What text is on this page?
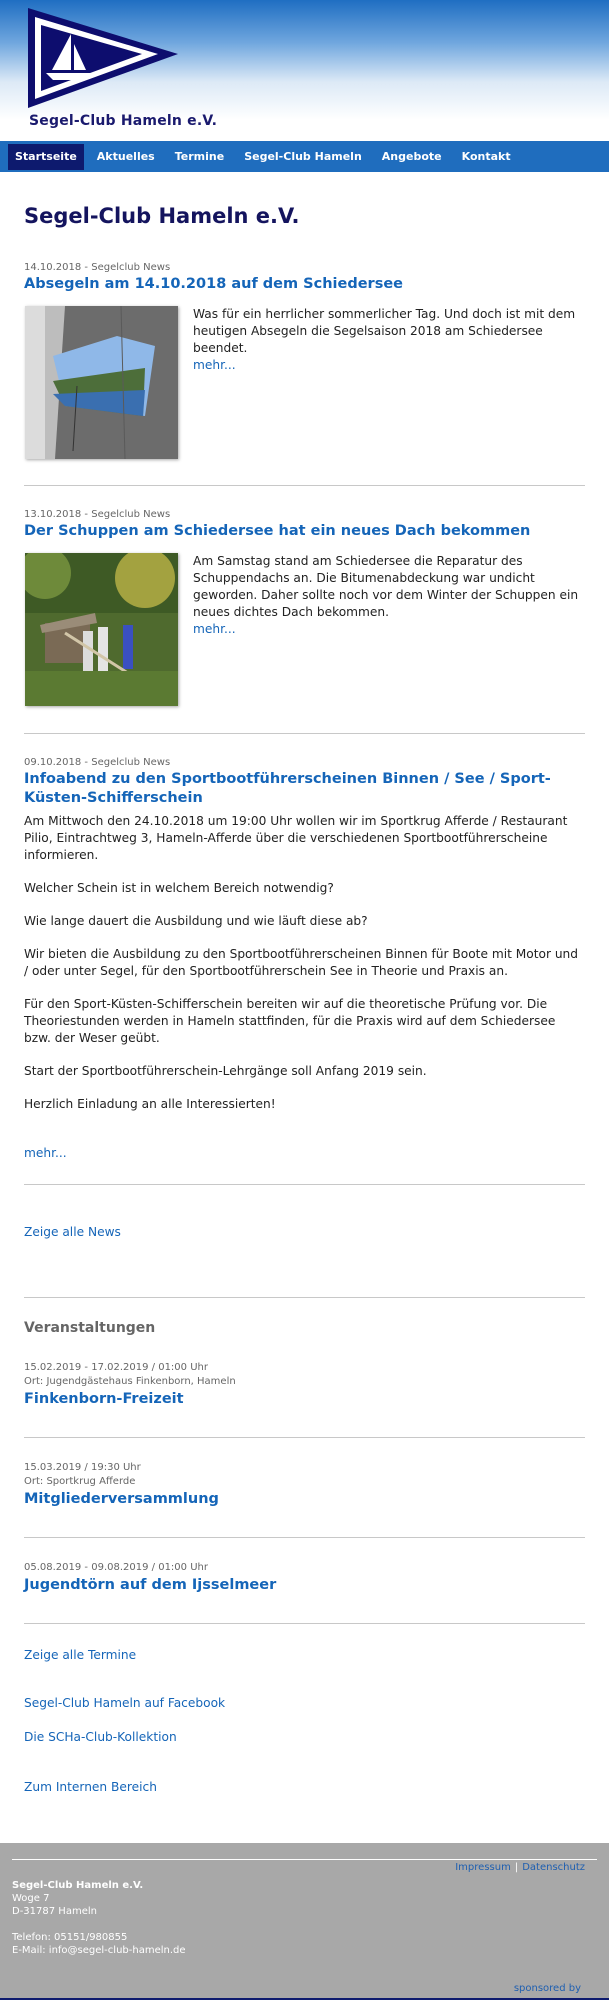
Segel-Club Hameln e.V.
Startseite	Aktuelles	Termine	Segel-Club Hameln	Angebote	Kontakt
Segel-Club Hameln e.V.
14.10.2018 - Segelclub News
Absegeln am 14.10.2018 auf dem Schiedersee
Was für ein herrlicher sommerlicher Tag. Und doch ist mit dem heutigen Absegeln die Segelsaison 2018 am Schiedersee beendet.
mehr...
13.10.2018 - Segelclub News
Der Schuppen am Schiedersee hat ein neues Dach bekommen
Am Samstag stand am Schiedersee die Reparatur des Schuppendachs an. Die Bitumenabdeckung war undicht geworden. Daher sollte noch vor dem Winter der Schuppen ein neues dichtes Dach bekommen.
mehr...
09.10.2018 - Segelclub News
Infoabend zu den Sportbootführerscheinen Binnen / See / Sport-Küsten-Schifferschein

Am Mittwoch den 24.10.2018 um 19:00 Uhr wollen wir im Sportkrug Afferde / Restaurant Pilio, Eintrachtweg 3, Hameln-Afferde über die verschiedenen Sportbootführerscheine informieren.

Welcher Schein ist in welchem Bereich notwendig?

Wie lange dauert die Ausbildung und wie läuft diese ab?

Wir bieten die Ausbildung zu den Sportbootführerscheinen Binnen für Boote mit Motor und / oder unter Segel, für den Sportbootführerschein See in Theorie und Praxis an.

Für den Sport-Küsten-Schifferschein bereiten wir auf die theoretische Prüfung vor. Die Theoriestunden werden in Hameln stattfinden, für die Praxis wird auf dem Schiedersee bzw. der Weser geübt.

Start der Sportbootführerschein-Lehrgänge soll Anfang 2019 sein.

Herzlich Einladung an alle Interessierten!

mehr...
Zeige alle News
Veranstaltungen
15.02.2019 - 17.02.2019 / 01:00 Uhr
Ort: Jugendgästehaus Finkenborn, Hameln
Finkenborn-Freizeit
15.03.2019 / 19:30 Uhr
Ort: Sportkrug Afferde
Mitgliederversammlung
05.08.2019 - 09.08.2019 / 01:00 Uhr
Jugendtörn auf dem Ijsselmeer
Zeige alle Termine
Segel-Club Hameln auf Facebook
Die SCHa-Club-Kollektion
Zum Internen Bereich
Impressum | Datenschutz
Segel-Club Hameln e.V.
Woge 7
D-31787 Hameln
Telefon: 05151/980855
E-Mail: info@segel-club-hameln.de
sponsored by
